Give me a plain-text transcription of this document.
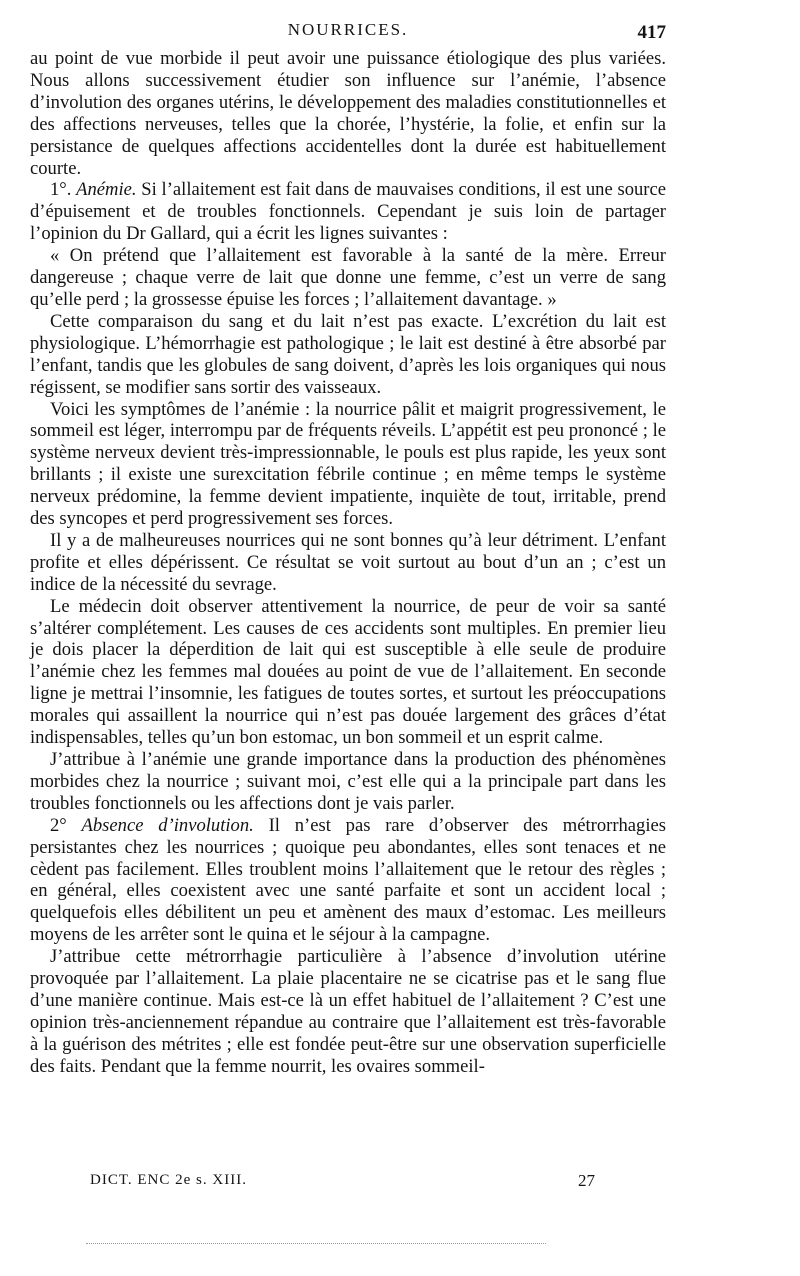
NOURRICES.	417

au point de vue morbide il peut avoir une puissance étiologique des plus variées. Nous allons successivement étudier son influence sur l’anémie, l’absence d’involution des organes utérins, le développement des maladies constitutionnelles et des affections nerveuses, telles que la chorée, l’hystérie, la folie, et enfin sur la persistance de quelques affections accidentelles dont la durée est habituellement courte.

1°. Anémie. Si l’allaitement est fait dans de mauvaises conditions, il est une source d’épuisement et de troubles fonctionnels. Cependant je suis loin de partager l’opinion du Dr Gallard, qui a écrit les lignes suivantes :

« On prétend que l’allaitement est favorable à la santé de la mère. Erreur dangereuse ; chaque verre de lait que donne une femme, c’est un verre de sang qu’elle perd ; la grossesse épuise les forces ; l’allaitement davantage. »

Cette comparaison du sang et du lait n’est pas exacte. L’excrétion du lait est physiologique. L’hémorrhagie est pathologique ; le lait est destiné à être absorbé par l’enfant, tandis que les globules de sang doivent, d’après les lois organiques qui nous régissent, se modifier sans sortir des vaisseaux.

Voici les symptômes de l’anémie : la nourrice pâlit et maigrit progressivement, le sommeil est léger, interrompu par de fréquents réveils. L’appétit est peu prononcé ; le système nerveux devient très-impressionnable, le pouls est plus rapide, les yeux sont brillants ; il existe une surexcitation fébrile continue ; en même temps le système nerveux prédomine, la femme devient impatiente, inquiète de tout, irritable, prend des syncopes et perd progressivement ses forces.

Il y a de malheureuses nourrices qui ne sont bonnes qu’à leur détriment. L’enfant profite et elles dépérissent. Ce résultat se voit surtout au bout d’un an ; c’est un indice de la nécessité du sevrage.

Le médecin doit observer attentivement la nourrice, de peur de voir sa santé s’altérer complétement. Les causes de ces accidents sont multiples. En premier lieu je dois placer la déperdition de lait qui est susceptible à elle seule de produire l’anémie chez les femmes mal douées au point de vue de l’allaitement. En seconde ligne je mettrai l’insomnie, les fatigues de toutes sortes, et surtout les préoccupations morales qui assaillent la nourrice qui n’est pas douée largement des grâces d’état indispensables, telles qu’un bon estomac, un bon sommeil et un esprit calme.

J’attribue à l’anémie une grande importance dans la production des phénomènes morbides chez la nourrice ; suivant moi, c’est elle qui a la principale part dans les troubles fonctionnels ou les affections dont je vais parler.

2° Absence d’involution. Il n’est pas rare d’observer des métrorrhagies persistantes chez les nourrices ; quoique peu abondantes, elles sont tenaces et ne cèdent pas facilement. Elles troublent moins l’allaitement que le retour des règles ; en général, elles coexistent avec une santé parfaite et sont un accident local ; quelquefois elles débilitent un peu et amènent des maux d’estomac. Les meilleurs moyens de les arrêter sont le quina et le séjour à la campagne.

J’attribue cette métrorrhagie particulière à l’absence d’involution utérine provoquée par l’allaitement. La plaie placentaire ne se cicatrise pas et le sang flue d’une manière continue. Mais est-ce là un effet habituel de l’allaitement ? C’est une opinion très-anciennement répandue au contraire que l’allaitement est très-favorable à la guérison des métrites ; elle est fondée peut-être sur une observation superficielle des faits. Pendant que la femme nourrit, les ovaires sommeil-

DICT. ENC 2e s. XIII.	27
